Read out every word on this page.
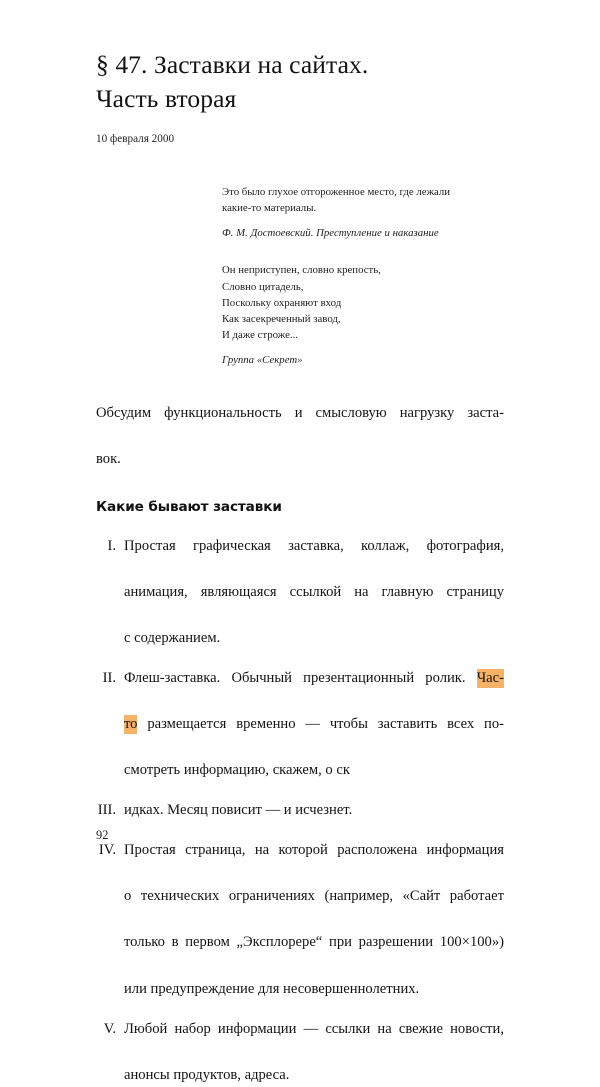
§ 47. Заставки на сайтах.
Часть вторая

10 февраля 2000

Это было глухое отгороженное место, где лежали
какие-то материалы.
Ф. М. Достоевский. Преступление и наказание
Он неприступен, словно крепость,
Словно цитадель,
Поскольку охраняют вход
Как засекреченный завод,
И даже строже...
Группа «Секрет»

Обсудим функциональность и смысловую нагрузку заста-
вок.

Какие бывают заставки
I. Простая графическая заставка, коллаж, фотография,
анимация, являющаяся ссылкой на главную страницу
с содержанием.
II. Флеш-заставка. Обычный презентационный ролик. Час-
то размещается временно — чтобы заставить всех по-
смотреть информацию, скажем, о ск
III. идках. Месяц повисит — и исчезнет.
IV. Простая страница, на которой расположена информация
о технических ограничениях (например, «Сайт работает
только в первом „Эксплорере“ при разрешении 100×100»)
или предупреждение для несовершеннолетних.
V. Любой набор информации — ссылки на свежие новости,
анонсы продуктов, адреса.
92
